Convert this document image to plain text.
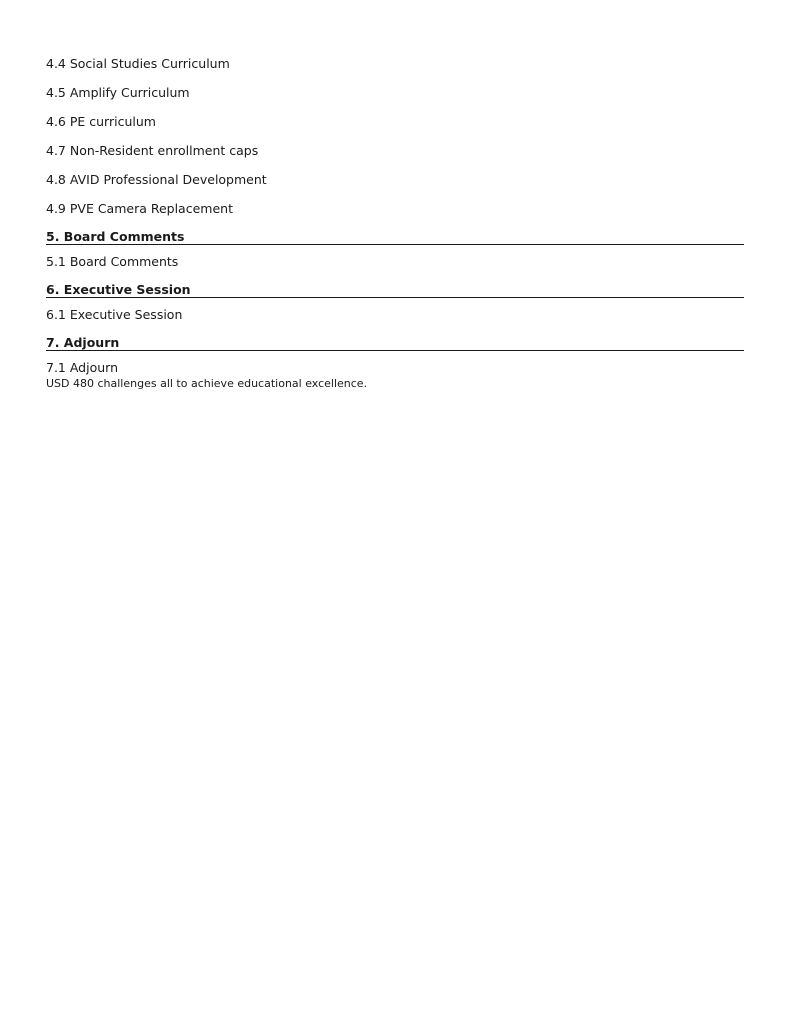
4.4 Social Studies Curriculum
4.5 Amplify Curriculum
4.6 PE curriculum
4.7 Non-Resident enrollment caps
4.8 AVID Professional Development
4.9 PVE Camera Replacement
5. Board Comments
5.1 Board Comments
6. Executive Session
6.1 Executive Session
7. Adjourn
7.1 Adjourn
USD 480 challenges all to achieve educational excellence.
